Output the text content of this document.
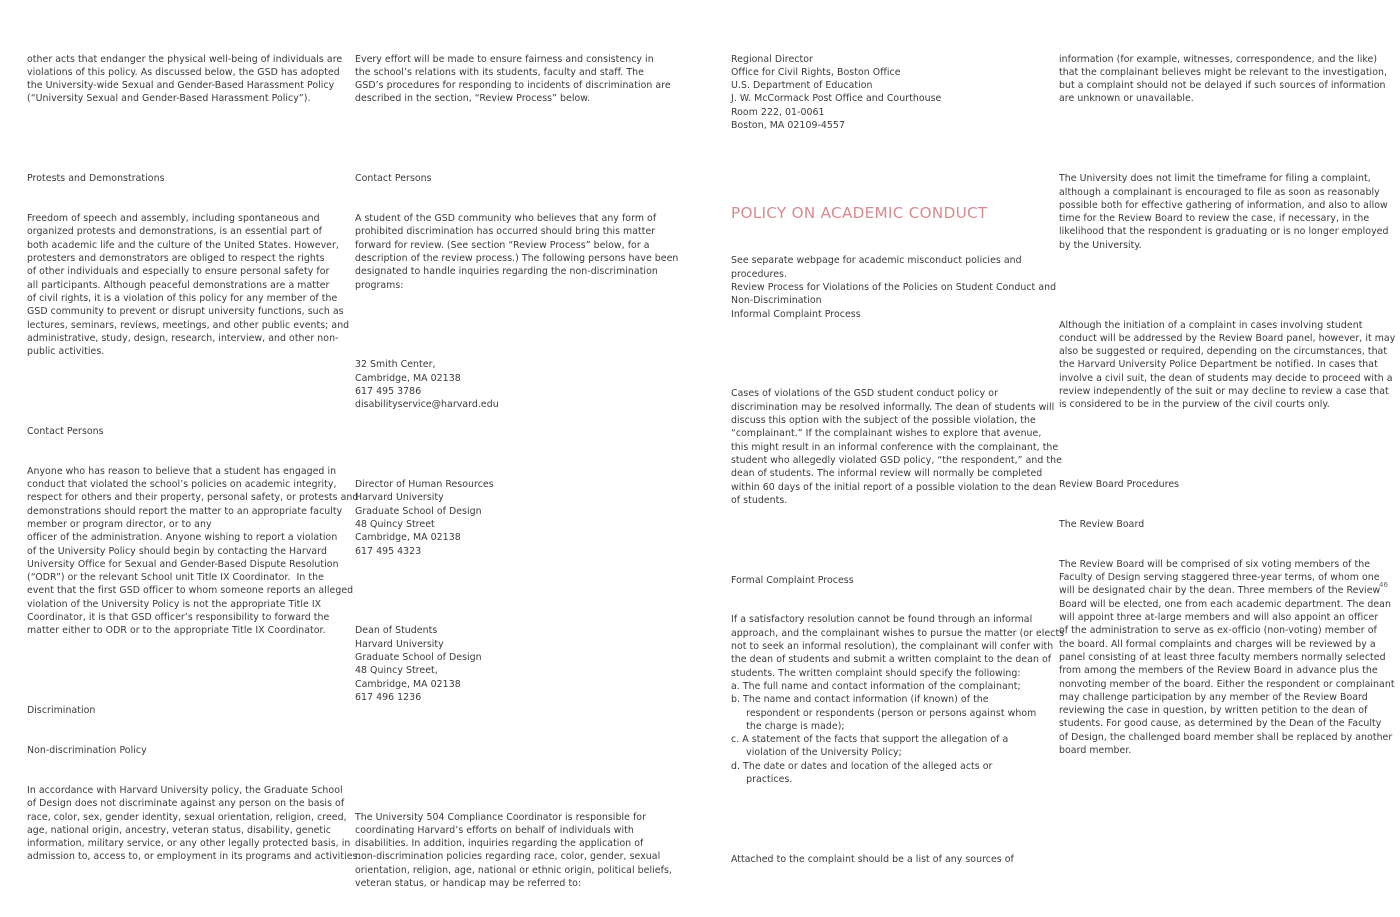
other acts that endanger the physical well-being of individuals are
violations of this policy. As discussed below, the GSD has adopted
the University-wide Sexual and Gender-Based Harassment Policy
(“University Sexual and Gender-Based Harassment Policy”).

Protests and Demonstrations

Freedom of speech and assembly, including spontaneous and
organized protests and demonstrations, is an essential part of
both academic life and the culture of the United States. However,
protesters and demonstrators are obliged to respect the rights
of other individuals and especially to ensure personal safety for
all participants. Although peaceful demonstrations are a matter
of civil rights, it is a violation of this policy for any member of the
GSD community to prevent or disrupt university functions, such as
lectures, seminars, reviews, meetings, and other public events; and
administrative, study, design, research, interview, and other non-
public activities.

Contact Persons

Anyone who has reason to believe that a student has engaged in
conduct that violated the school’s policies on academic integrity,
respect for others and their property, personal safety, or protests and
demonstrations should report the matter to an appropriate faculty
member or program director, or to any
officer of the administration. Anyone wishing to report a violation
of the University Policy should begin by contacting the Harvard
University Office for Sexual and Gender-Based Dispute Resolution
(“ODR”) or the relevant School unit Title IX Coordinator.  In the
event that the first GSD officer to whom someone reports an alleged
violation of the University Policy is not the appropriate Title IX
Coordinator, it is that GSD officer’s responsibility to forward the
matter either to ODR or to the appropriate Title IX Coordinator.

Discrimination

Non-discrimination Policy

In accordance with Harvard University policy, the Graduate School
of Design does not discriminate against any person on the basis of
race, color, sex, gender identity, sexual orientation, religion, creed,
age, national origin, ancestry, veteran status, disability, genetic
information, military service, or any other legally protected basis, in
admission to, access to, or employment in its programs and activities.

Every effort will be made to ensure fairness and consistency in
the school’s relations with its students, faculty and staff. The
GSD’s procedures for responding to incidents of discrimination are
described in the section, “Review Process” below.

Contact Persons

A student of the GSD community who believes that any form of
prohibited discrimination has occurred should bring this matter
forward for review. (See section “Review Process” below, for a
description of the review process.) The following persons have been
designated to handle inquiries regarding the non-discrimination
programs:

32 Smith Center,
Cambridge, MA 02138
617 495 3786
disabilityservice@harvard.edu

Director of Human Resources
Harvard University
Graduate School of Design
48 Quincy Street
Cambridge, MA 02138
617 495 4323

Dean of Students
Harvard University
Graduate School of Design
48 Quincy Street,
Cambridge, MA 02138
617 496 1236

The University 504 Compliance Coordinator is responsible for
coordinating Harvard’s efforts on behalf of individuals with
disabilities. In addition, inquiries regarding the application of
non-discrimination policies regarding race, color, gender, sexual
orientation, religion, age, national or ethnic origin, political beliefs,
veteran status, or handicap may be referred to:

Regional Director
Office for Civil Rights, Boston Office
U.S. Department of Education
J. W. McCormack Post Office and Courthouse
Room 222, 01-0061
Boston, MA 02109-4557

POLICY ON ACADEMIC CONDUCT

See separate webpage for academic misconduct policies and
procedures.
Review Process for Violations of the Policies on Student Conduct and
Non-Discrimination
Informal Complaint Process

Cases of violations of the GSD student conduct policy or
discrimination may be resolved informally. The dean of students will
discuss this option with the subject of the possible violation, the
“complainant.” If the complainant wishes to explore that avenue,
this might result in an informal conference with the complainant, the
student who allegedly violated GSD policy, “the respondent,” and the
dean of students. The informal review will normally be completed
within 60 days of the initial report of a possible violation to the dean
of students.

Formal Complaint Process

If a satisfactory resolution cannot be found through an informal
approach, and the complainant wishes to pursue the matter (or elects
not to seek an informal resolution), the complainant will confer with
the dean of students and submit a written complaint to the dean of
students. The written complaint should specify the following:
a. The full name and contact information of the complainant;
b. The name and contact information (if known) of the
respondent or respondents (person or persons against whom
the charge is made);
c. A statement of the facts that support the allegation of a
violation of the University Policy;
d. The date or dates and location of the alleged acts or
practices.

Attached to the complaint should be a list of any sources of

information (for example, witnesses, correspondence, and the like)
that the complainant believes might be relevant to the investigation,
but a complaint should not be delayed if such sources of information
are unknown or unavailable.

The University does not limit the timeframe for filing a complaint,
although a complainant is encouraged to file as soon as reasonably
possible both for effective gathering of information, and also to allow
time for the Review Board to review the case, if necessary, in the
likelihood that the respondent is graduating or is no longer employed
by the University.

Although the initiation of a complaint in cases involving student
conduct will be addressed by the Review Board panel, however, it may
also be suggested or required, depending on the circumstances, that
the Harvard University Police Department be notified. In cases that
involve a civil suit, the dean of students may decide to proceed with a
review independently of the suit or may decline to review a case that
is considered to be in the purview of the civil courts only.

Review Board Procedures

The Review Board

The Review Board will be comprised of six voting members of the
Faculty of Design serving staggered three-year terms, of whom one
will be designated chair by the dean. Three members of the Review
Board will be elected, one from each academic department. The dean
will appoint three at-large members and will also appoint an officer
of the administration to serve as ex-officio (non-voting) member of
the board. All formal complaints and charges will be reviewed by a
panel consisting of at least three faculty members normally selected
from among the members of the Review Board in advance plus the
nonvoting member of the board. Either the respondent or complainant
may challenge participation by any member of the Review Board
reviewing the case in question, by written petition to the dean of
students. For good cause, as determined by the Dean of the Faculty
of Design, the challenged board member shall be replaced by another
board member.

46
